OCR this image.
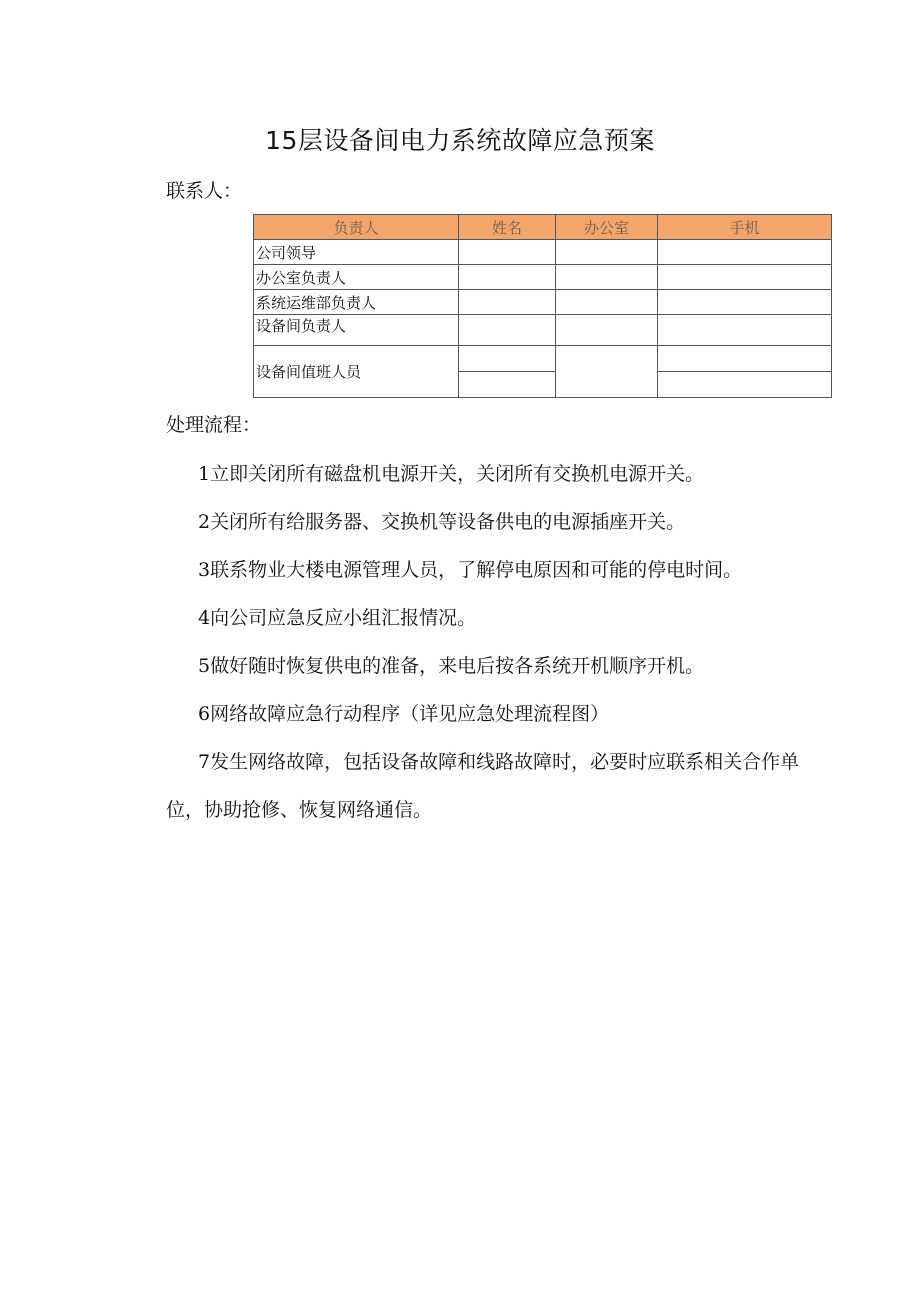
15层设备间电力系统故障应急预案
联系人：
负责人	姓名	办公室	手机
公司领导			
办公室负责人			
系统运维部负责人			
设备间负责人			
设备间值班人员			

处理流程：
1立即关闭所有磁盘机电源开关，关闭所有交换机电源开关。
2关闭所有给服务器、交换机等设备供电的电源插座开关。
3联系物业大楼电源管理人员，了解停电原因和可能的停电时间。
4向公司应急反应小组汇报情况。
5做好随时恢复供电的准备，来电后按各系统开机顺序开机。
6网络故障应急行动程序（详见应急处理流程图）
7发生网络故障，包括设备故障和线路故障时，必要时应联系相关合作单位，协助抢修、恢复网络通信。
